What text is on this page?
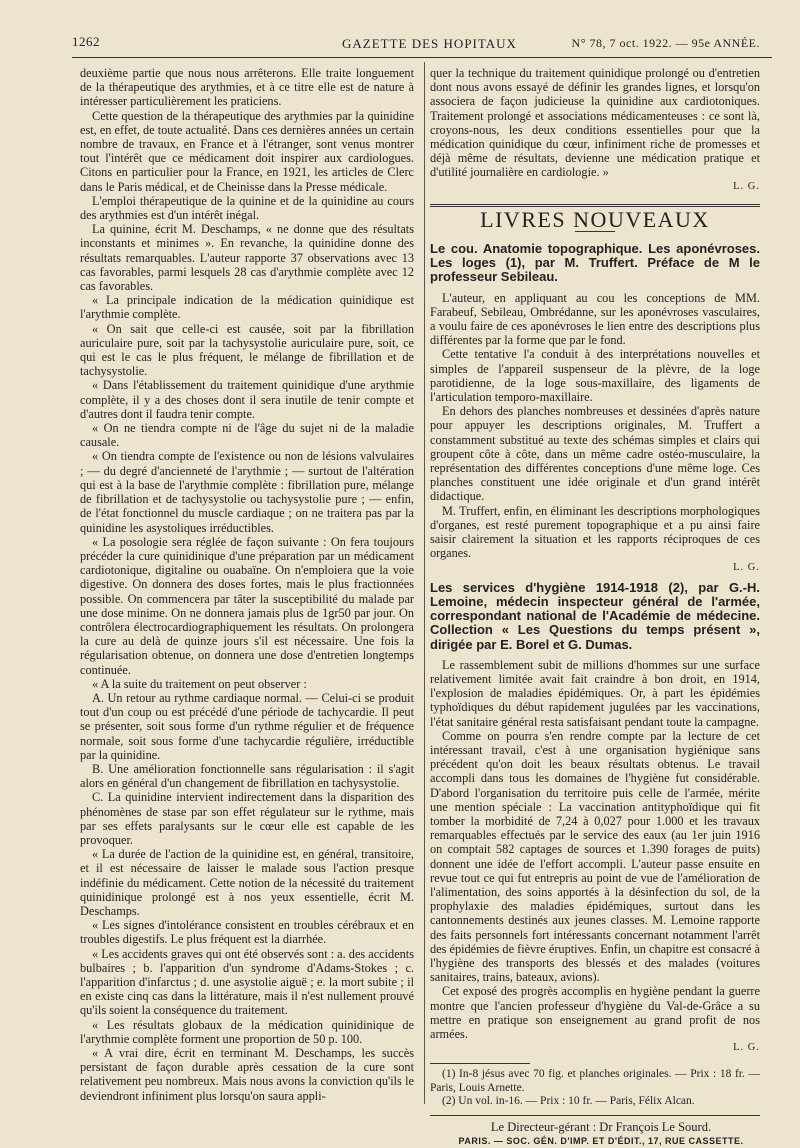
1262	GAZETTE DES HOPITAUX	N° 78, 7 oct. 1922. — 95e ANNÉE.

deuxième partie que nous nous arrêterons. Elle traite longuement de la thérapeutique des arythmies, et à ce titre elle est de nature à intéresser particulièrement les praticiens.

Cette question de la thérapeutique des arythmies par la quinidine est, en effet, de toute actualité. Dans ces dernières années un certain nombre de travaux, en France et à l'étranger, sont venus montrer tout l'intérêt que ce médicament doit inspirer aux cardiologues. Citons en particulier pour la France, en 1921, les articles de Clerc dans le Paris médical, et de Cheinisse dans la Presse médicale.

L'emploi thérapeutique de la quinine et de la quinidine au cours des arythmies est d'un intérêt inégal.

La quinine, écrit M. Deschamps, « ne donne que des résultats inconstants et minimes ». En revanche, la quinidine donne des résultats remarquables. L'auteur rapporte 37 observations avec 13 cas favorables, parmi lesquels 28 cas d'arythmie complète avec 12 cas favorables.

« La principale indication de la médication quinidique est l'arythmie complète.

« On sait que celle-ci est causée, soit par la fibrillation auriculaire pure, soit par la tachysystolie auriculaire pure, soit, ce qui est le cas le plus fréquent, le mélange de fibrillation et de tachysystolie.

« Dans l'établissement du traitement quinidique d'une arythmie complète, il y a des choses dont il sera inutile de tenir compte et d'autres dont il faudra tenir compte.

« On ne tiendra compte ni de l'âge du sujet ni de la maladie causale.

« On tiendra compte de l'existence ou non de lésions valvulaires ; — du degré d'ancienneté de l'arythmie ; — surtout de l'altération qui est à la base de l'arythmie complète : fibrillation pure, mélange de fibrillation et de tachysystolie ou tachysystolie pure ; — enfin, de l'état fonctionnel du muscle cardiaque ; on ne traitera pas par la quinidine les asystoliques irréductibles.

« La posologie sera réglée de façon suivante : On fera toujours précéder la cure quinidinique d'une préparation par un médicament cardiotonique, digitaline ou ouabaïne. On n'emploiera que la voie digestive. On donnera des doses fortes, mais le plus fractionnées possible. On commencera par tâter la susceptibilité du malade par une dose minime. On ne donnera jamais plus de 1gr50 par jour. On contrôlera électrocardiographiquement les résultats. On prolongera la cure au delà de quinze jours s'il est nécessaire. Une fois la régularisation obtenue, on donnera une dose d'entretien longtemps continuée.

« A la suite du traitement on peut observer :

A. Un retour au rythme cardiaque normal. — Celui-ci se produit tout d'un coup ou est précédé d'une période de tachycardie. Il peut se présenter, soit sous forme d'un rythme régulier et de fréquence normale, soit sous forme d'une tachycardie régulière, irréductible par la quinidine.

B. Une amélioration fonctionnelle sans régularisation : il s'agit alors en général d'un changement de fibrillation en tachysystolie.

C. La quinidine intervient indirectement dans la disparition des phénomènes de stase par son effet régulateur sur le rythme, mais par ses effets paralysants sur le cœur elle est capable de les provoquer.

« La durée de l'action de la quinidine est, en général, transitoire, et il est nécessaire de laisser le malade sous l'action presque indéfinie du médicament. Cette notion de la nécessité du traitement quinidinique prolongé est à nos yeux essentielle, écrit M. Deschamps.

« Les signes d'intolérance consistent en troubles cérébraux et en troubles digestifs. Le plus fréquent est la diarrhée.

« Les accidents graves qui ont été observés sont : a. des accidents bulbaires ; b. l'apparition d'un syndrome d'Adams-Stokes ; c. l'apparition d'infarctus ; d. une asystolie aiguë ; e. la mort subite ; il en existe cinq cas dans la littérature, mais il n'est nullement prouvé qu'ils soient la conséquence du traitement.

« Les résultats globaux de la médication quinidinique de l'arythmie complète forment une proportion de 50 p. 100.

« A vrai dire, écrit en terminant M. Deschamps, les succès persistant de façon durable après cessation de la cure sont relativement peu nombreux. Mais nous avons la conviction qu'ils le deviendront infiniment plus lorsqu'on saura appli-

quer la technique du traitement quinidique prolongé ou d'entretien dont nous avons essayé de définir les grandes lignes, et lorsqu'on associera de façon judicieuse la quinidine aux cardiotoniques. Traitement prolongé et associations médicamenteuses : ce sont là, croyons-nous, les deux conditions essentielles pour que la médication quinidique du cœur, infiniment riche de promesses et déjà même de résultats, devienne une médication pratique et d'utilité journalière en cardiologie. »

L. G.

LIVRES NOUVEAUX

Le cou. Anatomie topographique. Les aponévroses. Les loges (1), par M. Truffert. Préface de M le professeur Sebileau.

L'auteur, en appliquant au cou les conceptions de MM. Farabeuf, Sebileau, Ombrédanne, sur les aponévroses vasculaires, a voulu faire de ces aponévroses le lien entre des descriptions plus différentes par la forme que par le fond.

Cette tentative l'a conduit à des interprétations nouvelles et simples de l'appareil suspenseur de la plèvre, de la loge parotidienne, de la loge sous-maxillaire, des ligaments de l'articulation temporo-maxillaire.

En dehors des planches nombreuses et dessinées d'après nature pour appuyer les descriptions originales, M. Truffert a constamment substitué au texte des schémas simples et clairs qui groupent côte à côte, dans un même cadre ostéo-musculaire, la représentation des différentes conceptions d'une même loge. Ces planches constituent une idée originale et d'un grand intérêt didactique.

M. Truffert, enfin, en éliminant les descriptions morphologiques d'organes, est resté purement topographique et a pu ainsi faire saisir clairement la situation et les rapports réciproques de ces organes.

L. G.

Les services d'hygiène 1914-1918 (2), par G.-H. Lemoine, médecin inspecteur général de l'armée, correspondant national de l'Académie de médecine. Collection « Les Questions du temps présent », dirigée par E. Borel et G. Dumas.

Le rassemblement subit de millions d'hommes sur une surface relativement limitée avait fait craindre à bon droit, en 1914, l'explosion de maladies épidémiques. Or, à part les épidémies typhoïdiques du début rapidement jugulées par les vaccinations, l'état sanitaire général resta satisfaisant pendant toute la campagne.

Comme on pourra s'en rendre compte par la lecture de cet intéressant travail, c'est à une organisation hygiénique sans précédent qu'on doit les beaux résultats obtenus. Le travail accompli dans tous les domaines de l'hygiène fut considérable. D'abord l'organisation du territoire puis celle de l'armée, mérite une mention spéciale : La vaccination antityphoïdique qui fit tomber la morbidité de 7,24 à 0,027 pour 1.000 et les travaux remarquables effectués par le service des eaux (au 1er juin 1916 on comptait 582 captages de sources et 1.390 forages de puits) donnent une idée de l'effort accompli. L'auteur passe ensuite en revue tout ce qui fut entrepris au point de vue de l'amélioration de l'alimentation, des soins apportés à la désinfection du sol, de la prophylaxie des maladies épidémiques, surtout dans les cantonnements destinés aux jeunes classes. M. Lemoine rapporte des faits personnels fort intéressants concernant notamment l'arrêt des épidémies de fièvre éruptives. Enfin, un chapitre est consacré à l'hygiène des transports des blessés et des malades (voitures sanitaires, trains, bateaux, avions).

Cet exposé des progrès accomplis en hygiène pendant la guerre montre que l'ancien professeur d'hygiène du Val-de-Grâce a su mettre en pratique son enseignement au grand profit de nos armées.

L. G.

(1) In-8 jésus avec 70 fig. et planches originales. — Prix : 18 fr. — Paris, Louis Arnette.

(2) Un vol. in-16. — Prix : 10 fr. — Paris, Félix Alcan.

Le Directeur-gérant : Dr François Le Sourd.

PARIS. — SOC. GÉN. D'IMP. ET D'ÉDIT., 17, RUE CASSETTE.
